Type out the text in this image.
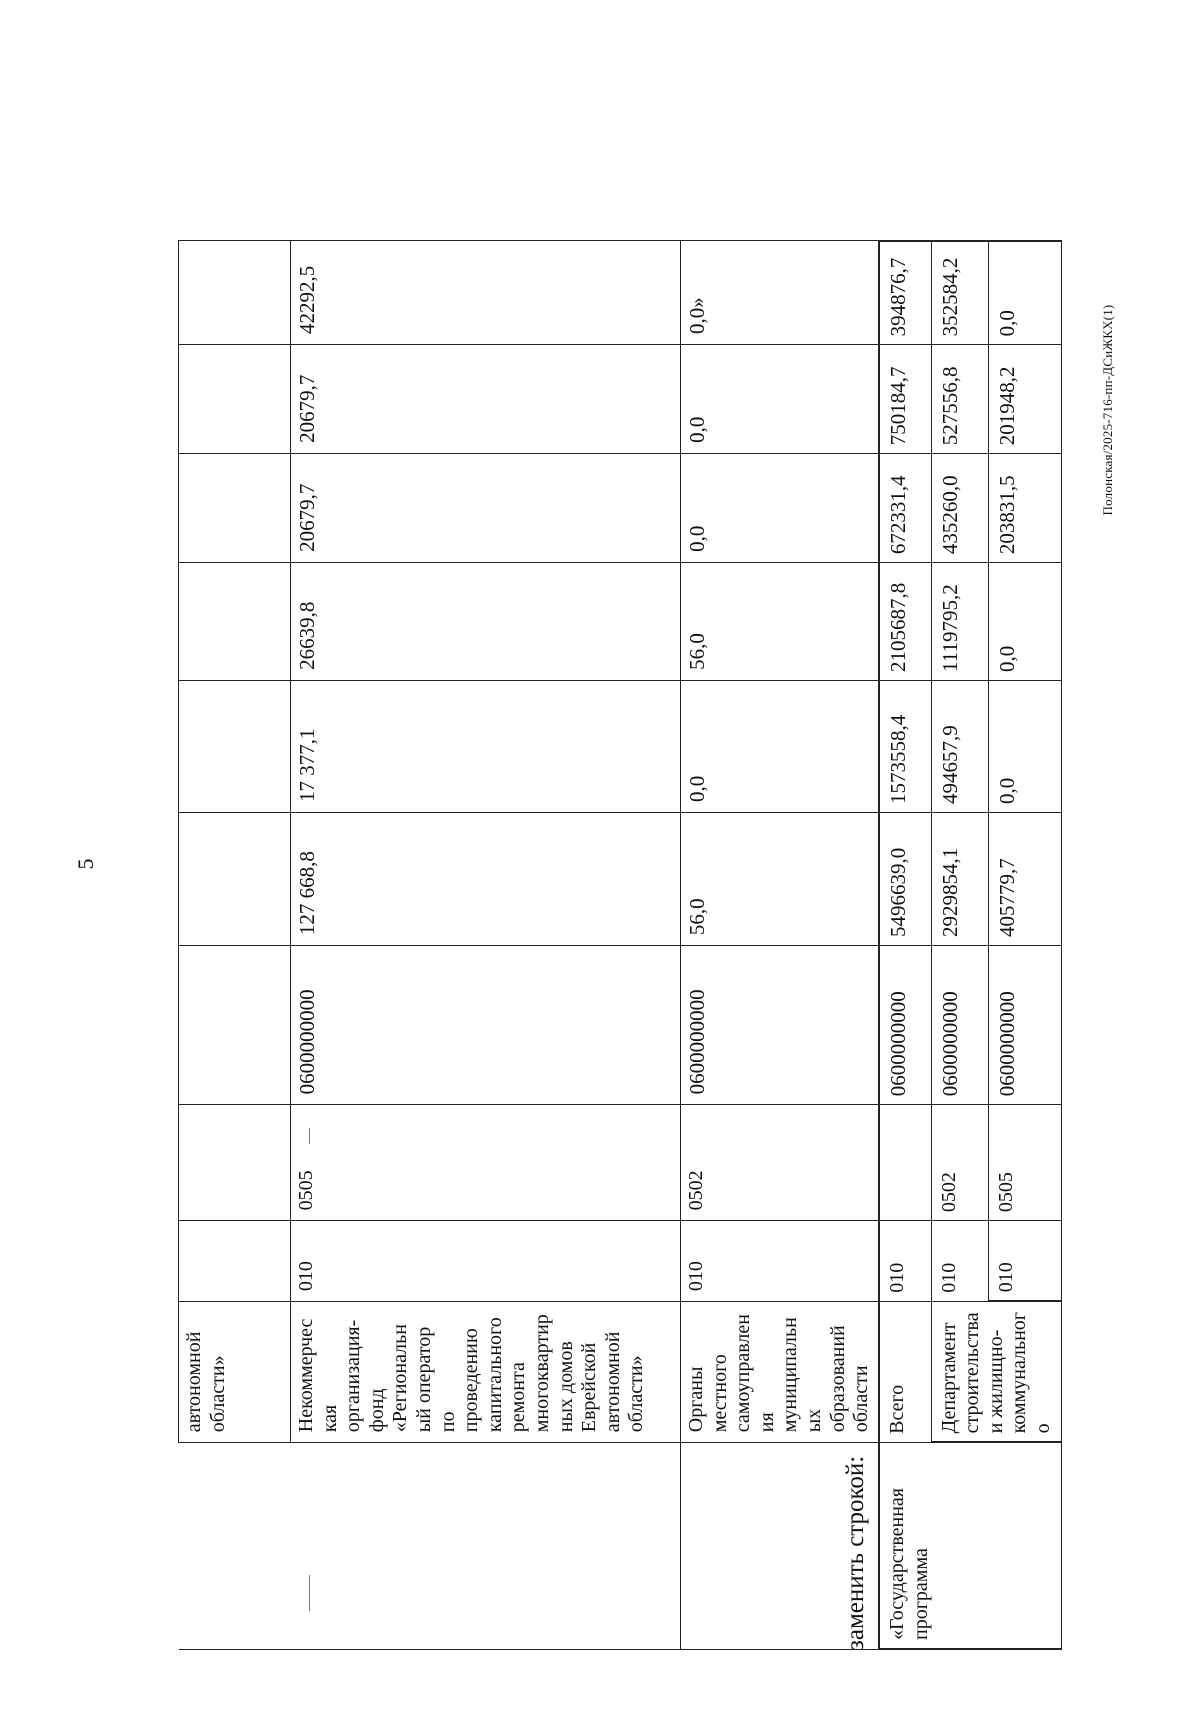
5
Полонская/2025-716-пп-ДСиЖКХ(1)
	автономной области»									
	Некоммерческая организация-фонд «Региональный оператор по проведению капитального ремонта многоквартирных домов Еврейской автономной области»	010	0505	0600000000	127 668,8	17 377,1	26639,8	20679,7	20679,7	42292,5
	Органы местного самоуправления муниципальных образований области	010	0502	0600000000	56,0	0,0	56,0	0,0	0,0	0,0»
заменить строкой: «Государственная программа	Всего	010		0600000000	5496639,0	1573558,4	2105687,8	672331,4	750184,7	394876,7
	Департамент строительства и жилищно-коммунального	010	0502	0600000000	2929854,1	494657,9	1119795,2	435260,0	527556,8	352584,2
		010	0505	0600000000	405779,7	0,0	0,0	203831,5	201948,2	0,0
